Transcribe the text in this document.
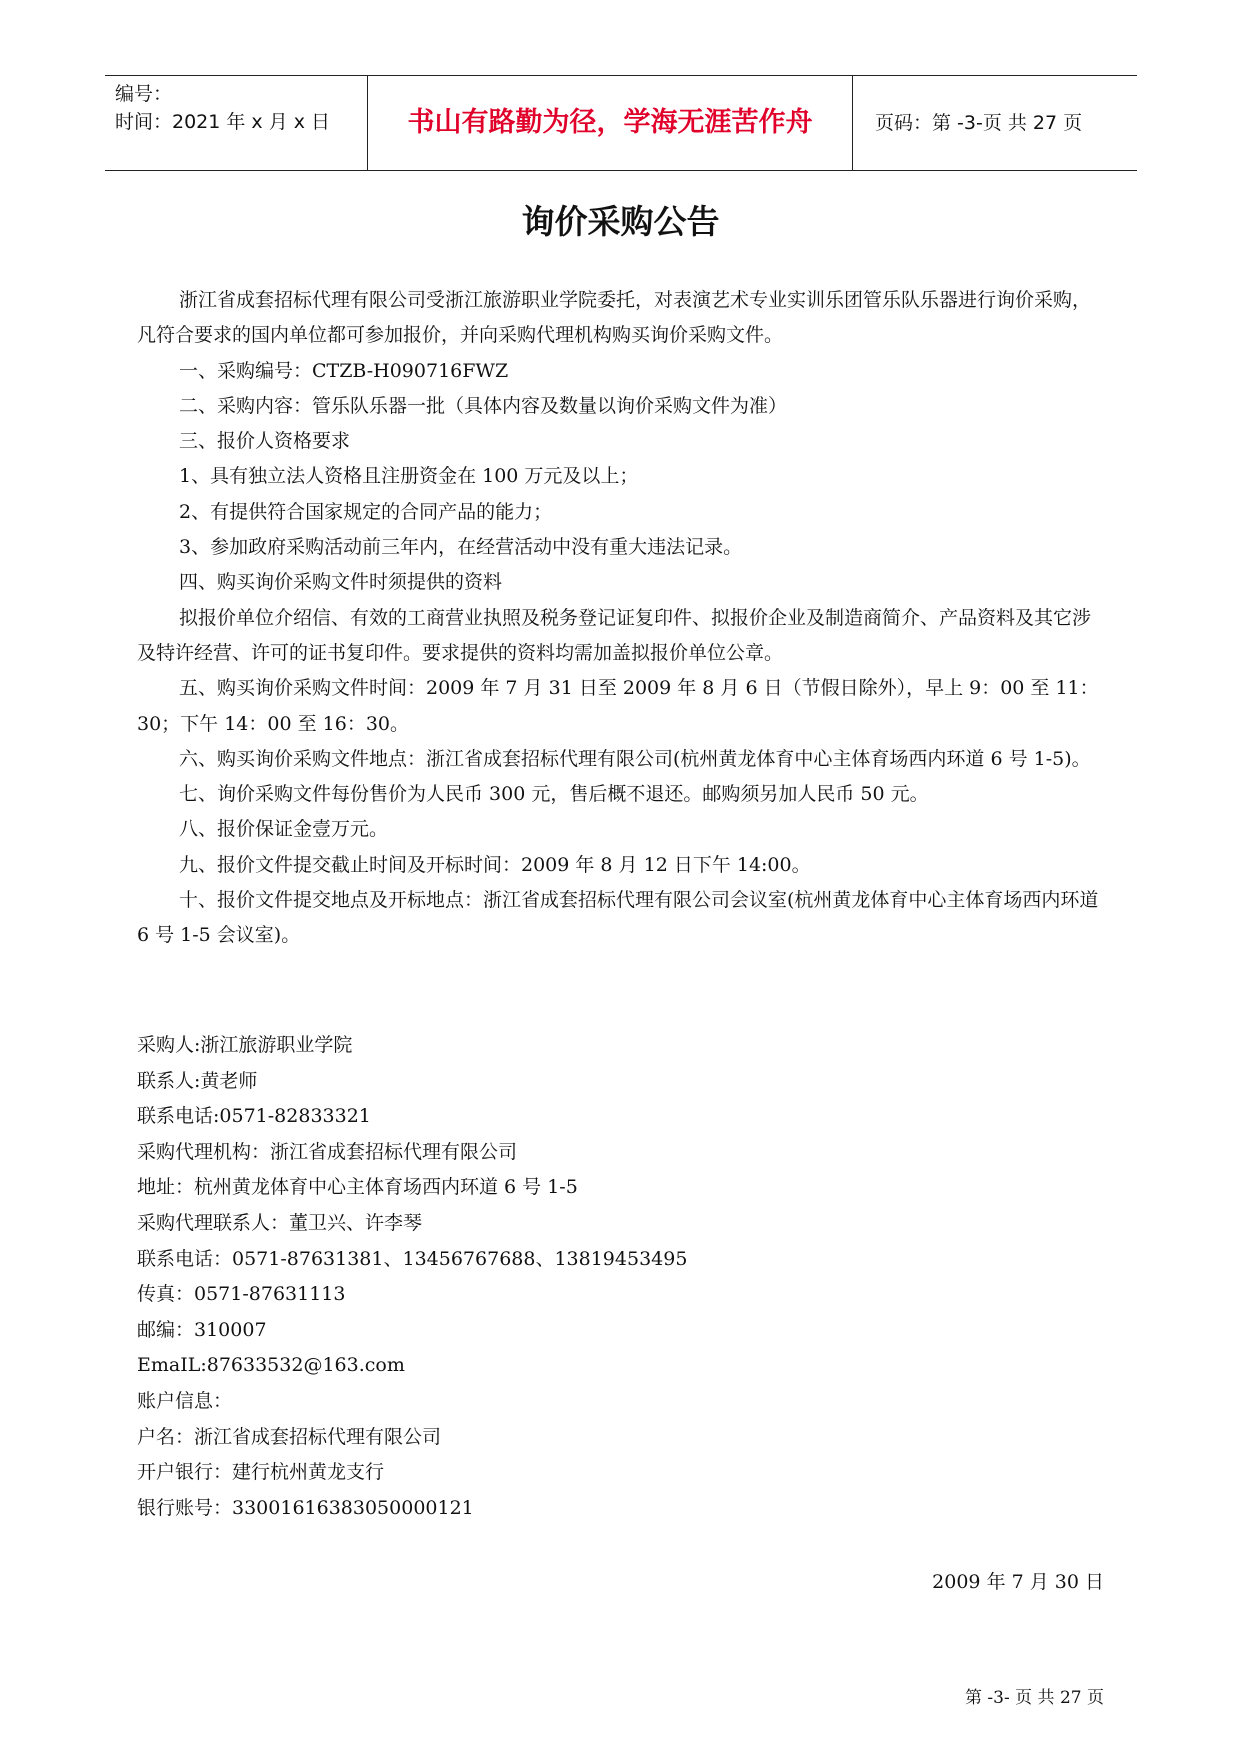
编号：
时间：2021 年 x 月 x 日	书山有路勤为径，学海无涯苦作舟	页码：第 -3-页 共 27 页
询价采购公告

浙江省成套招标代理有限公司受浙江旅游职业学院委托，对表演艺术专业实训乐团管乐队乐器进行询价采购，凡符合要求的国内单位都可参加报价，并向采购代理机构购买询价采购文件。

一、采购编号：CTZB-H090716FWZ

二、采购内容：管乐队乐器一批（具体内容及数量以询价采购文件为准）

三、报价人资格要求

1、具有独立法人资格且注册资金在 100 万元及以上；

2、有提供符合国家规定的合同产品的能力；

3、参加政府采购活动前三年内，在经营活动中没有重大违法记录。

四、购买询价采购文件时须提供的资料

拟报价单位介绍信、有效的工商营业执照及税务登记证复印件、拟报价企业及制造商简介、产品资料及其它涉及特许经营、许可的证书复印件。要求提供的资料均需加盖拟报价单位公章。

五、购买询价采购文件时间：2009 年 7 月 31 日至 2009 年 8 月 6 日（节假日除外），早上 9：00 至 11：30；下午 14：00 至 16：30。

六、购买询价采购文件地点：浙江省成套招标代理有限公司(杭州黄龙体育中心主体育场西内环道 6 号 1-5)。

七、询价采购文件每份售价为人民币 300 元，售后概不退还。邮购须另加人民币 50 元。

八、报价保证金壹万元。

九、报价文件提交截止时间及开标时间：2009 年 8 月 12 日下午 14:00。

十、报价文件提交地点及开标地点：浙江省成套招标代理有限公司会议室(杭州黄龙体育中心主体育场西内环道 6 号 1-5 会议室)。

采购人:浙江旅游职业学院

联系人:黄老师

联系电话:0571-82833321

采购代理机构：浙江省成套招标代理有限公司

地址：杭州黄龙体育中心主体育场西内环道 6 号 1-5

采购代理联系人：董卫兴、许李琴

联系电话：0571-87631381、13456767688、13819453495

传真：0571-87631113

邮编：310007

EmaIL:87633532@163.com

账户信息：

户名：浙江省成套招标代理有限公司

开户银行：建行杭州黄龙支行

银行账号：33001616383050000121

2009 年 7 月 30 日
第 -3- 页 共 27 页
